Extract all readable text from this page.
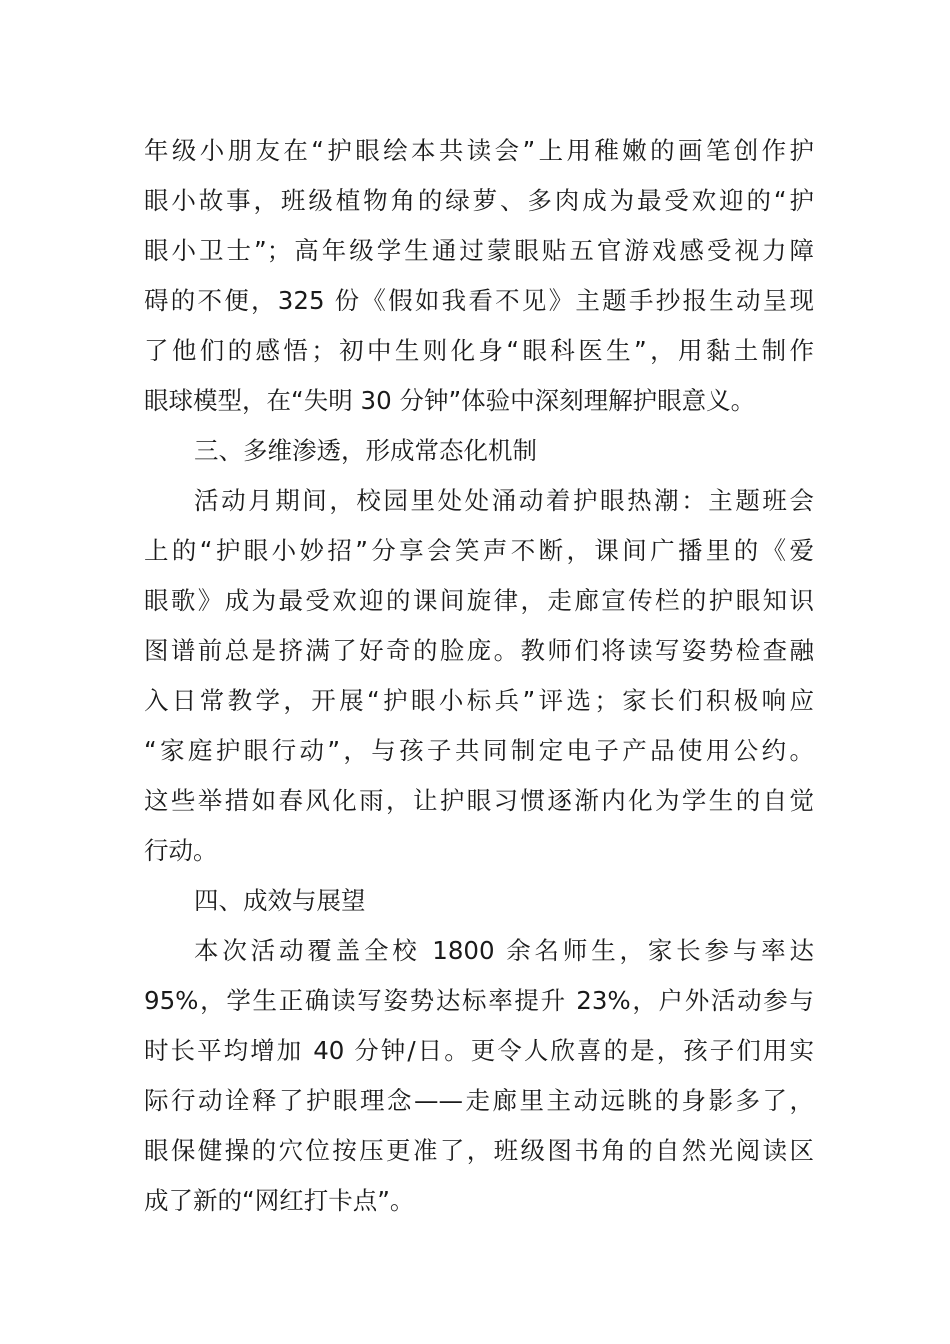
年级小朋友在“护眼绘本共读会”上用稚嫩的画笔创作护
眼小故事，班级植物角的绿萝、多肉成为最受欢迎的“护
眼小卫士”；高年级学生通过蒙眼贴五官游戏感受视力障
碍的不便，325 份《假如我看不见》主题手抄报生动呈现
了他们的感悟；初中生则化身“眼科医生”，用黏土制作
眼球模型，在“失明 30 分钟”体验中深刻理解护眼意义。
三、多维渗透，形成常态化机制
活动月期间，校园里处处涌动着护眼热潮：主题班会
上的“护眼小妙招”分享会笑声不断，课间广播里的《爱
眼歌》成为最受欢迎的课间旋律，走廊宣传栏的护眼知识
图谱前总是挤满了好奇的脸庞。教师们将读写姿势检查融
入日常教学，开展“护眼小标兵”评选；家长们积极响应
“家庭护眼行动”，与孩子共同制定电子产品使用公约。
这些举措如春风化雨，让护眼习惯逐渐内化为学生的自觉
行动。
四、成效与展望
本次活动覆盖全校 1800 余名师生，家长参与率达
95%，学生正确读写姿势达标率提升 23%，户外活动参与
时长平均增加 40 分钟/日。更令人欣喜的是，孩子们用实
际行动诠释了护眼理念——走廊里主动远眺的身影多了，
眼保健操的穴位按压更准了，班级图书角的自然光阅读区
成了新的“网红打卡点”。
